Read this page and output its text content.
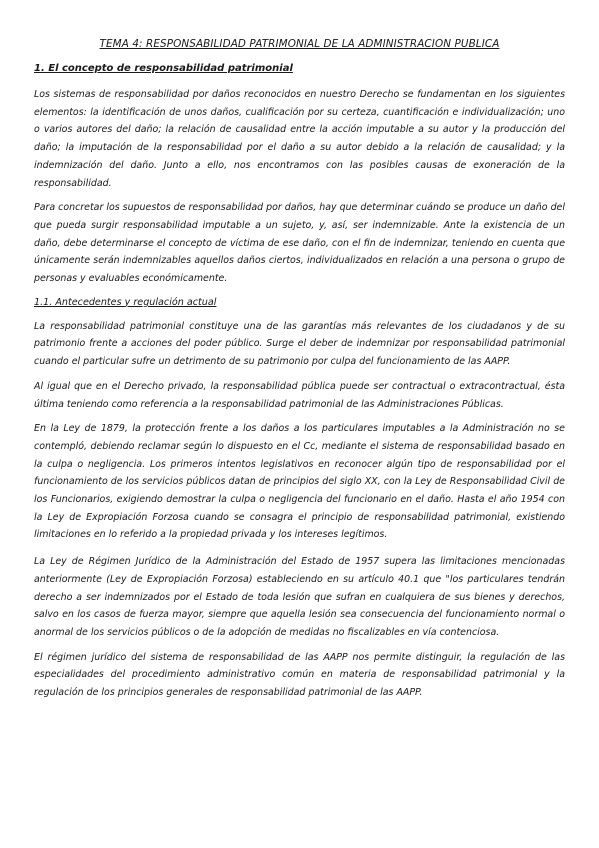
TEMA 4: RESPONSABILIDAD PATRIMONIAL DE LA ADMINISTRACION PUBLICA
1. El concepto de responsabilidad patrimonial
Los sistemas de responsabilidad por daños reconocidos en nuestro Derecho se fundamentan en los siguientes elementos: la identificación de unos daños, cualificación por su certeza, cuantificación e individualización; uno o varios autores del daño; la relación de causalidad entre la acción imputable a su autor y la producción del daño; la imputación de la responsabilidad por el daño a su autor debido a la relación de causalidad; y la indemnización del daño. Junto a ello, nos encontramos con las posibles causas de exoneración de la responsabilidad.
Para concretar los supuestos de responsabilidad por daños, hay que determinar cuándo se produce un daño del que pueda surgir responsabilidad imputable a un sujeto, y, así, ser indemnizable. Ante la existencia de un daño, debe determinarse el concepto de víctima de ese daño, con el fin de indemnizar, teniendo en cuenta que únicamente serán indemnizables aquellos daños ciertos, individualizados en relación a una persona o grupo de personas y evaluables económicamente.
1.1. Antecedentes y regulación actual
La responsabilidad patrimonial constituye una de las garantías más relevantes de los ciudadanos y de su patrimonio frente a acciones del poder público. Surge el deber de indemnizar por responsabilidad patrimonial cuando el particular sufre un detrimento de su patrimonio por culpa del funcionamiento de las AAPP.
Al igual que en el Derecho privado, la responsabilidad pública puede ser contractual o extracontractual, ésta última teniendo como referencia a la responsabilidad patrimonial de las Administraciones Públicas.
En la Ley de 1879, la protección frente a los daños a los particulares imputables a la Administración no se contempló, debiendo reclamar según lo dispuesto en el Cc, mediante el sistema de responsabilidad basado en la culpa o negligencia. Los primeros intentos legislativos en reconocer algún tipo de responsabilidad por el funcionamiento de los servicios públicos datan de principios del siglo XX, con la Ley de Responsabilidad Civil de los Funcionarios, exigiendo demostrar la culpa o negligencia del funcionario en el daño. Hasta el año 1954 con la Ley de Expropiación Forzosa cuando se consagra el principio de responsabilidad patrimonial, existiendo limitaciones en lo referido a la propiedad privada y los intereses legítimos.
La Ley de Régimen Jurídico de la Administración del Estado de 1957 supera las limitaciones mencionadas anteriormente (Ley de Expropiación Forzosa) estableciendo en su artículo 40.1 que "los particulares tendrán derecho a ser indemnizados por el Estado de toda lesión que sufran en cualquiera de sus bienes y derechos, salvo en los casos de fuerza mayor, siempre que aquella lesión sea consecuencia del funcionamiento normal o anormal de los servicios públicos o de la adopción de medidas no fiscalizables en vía contenciosa.
El régimen jurídico del sistema de responsabilidad de las AAPP nos permite distinguir, la regulación de las especialidades del procedimiento administrativo común en materia de responsabilidad patrimonial y la regulación de los principios generales de responsabilidad patrimonial de las AAPP.
